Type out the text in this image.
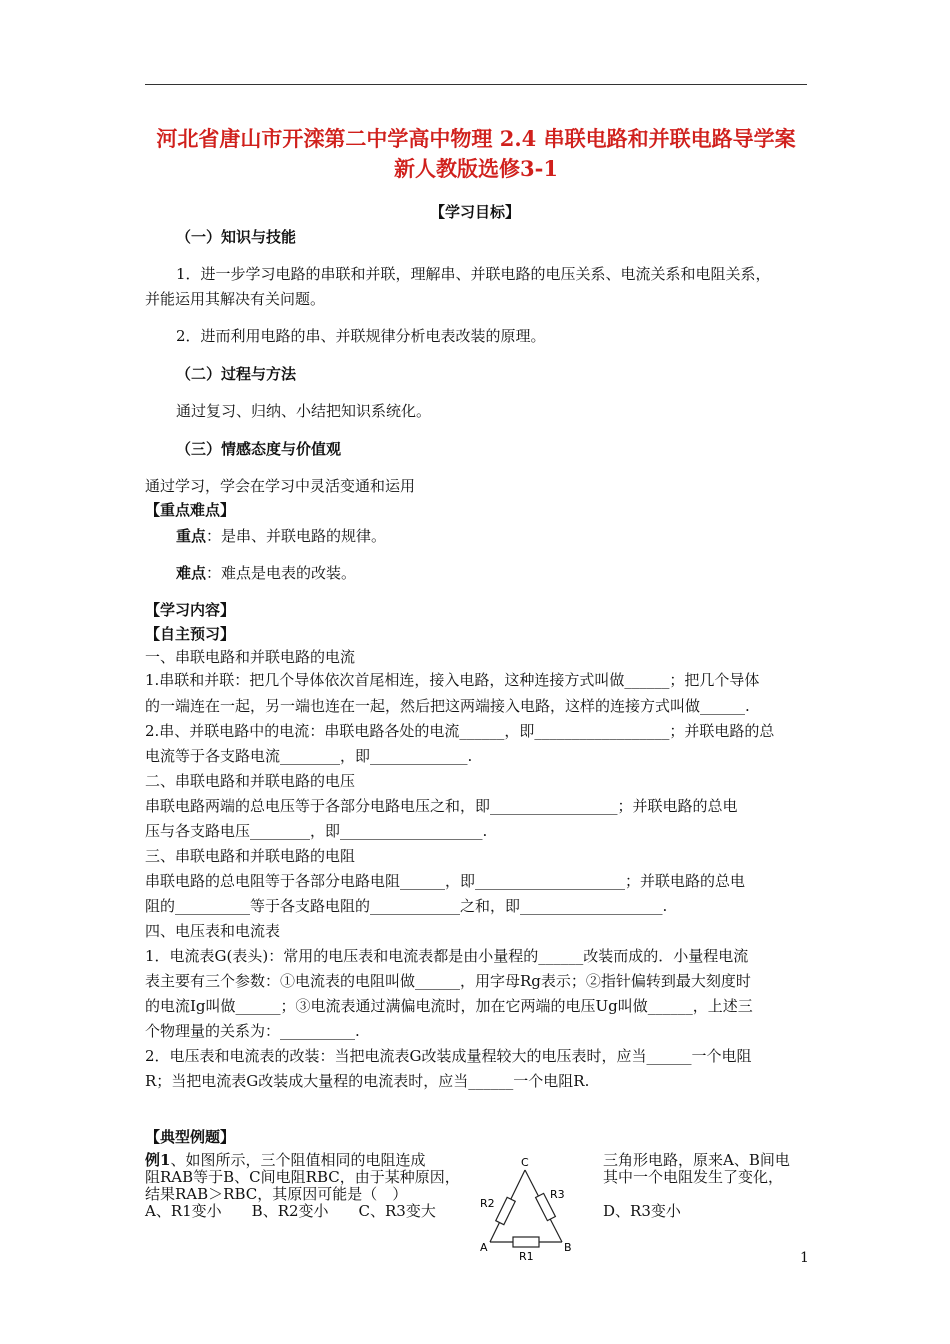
河北省唐山市开滦第二中学高中物理 2.4 串联电路和并联电路导学案 新人教版选修3-1
【学习目标】
（一）知识与技能
1．进一步学习电路的串联和并联，理解串、并联电路的电压关系、电流关系和电阻关系，
并能运用其解决有关问题。
2．进而利用电路的串、并联规律分析电表改装的原理。
（二）过程与方法
通过复习、归纳、小结把知识系统化。
（三）情感态度与价值观
通过学习，学会在学习中灵活变通和运用
【重点难点】
重点：是串、并联电路的规律。
难点：难点是电表的改装。
【学习内容】
【自主预习】
一、串联电路和并联电路的电流
1.串联和并联：把几个导体依次首尾相连，接入电路，这种连接方式叫做______；把几个导体
的一端连在一起，另一端也连在一起，然后把这两端接入电路，这样的连接方式叫做______.
2.串、并联电路中的电流：串联电路各处的电流______，即__________________；并联电路的总
电流等于各支路电流________，即_____________.
二、串联电路和并联电路的电压
串联电路两端的总电压等于各部分电路电压之和，即_________________；并联电路的总电
压与各支路电压________，即___________________.
三、串联电路和并联电路的电阻
串联电路的总电阻等于各部分电路电阻______，即____________________；并联电路的总电
阻的__________等于各支路电阻的____________之和，即___________________.
四、电压表和电流表
1．电流表G(表头)：常用的电压表和电流表都是由小量程的______改装而成的．小量程电流
表主要有三个参数：①电流表的电阻叫做______，用字母Rg表示；②指针偏转到最大刻度时
的电流Ig叫做______；③电流表通过满偏电流时，加在它两端的电压Ug叫做______，上述三
个物理量的关系为：__________.
2．电压表和电流表的改装：当把电流表G改装成量程较大的电压表时，应当______一个电阻
R；当把电流表G改装成大量程的电流表时，应当______一个电阻R.
【典型例题】
例1、如图所示，三个阻值相同的电阻连成
阻RAB等于B、C间电阻RBC，由于某种原因，
结果RAB＞RBC，其原因可能是（　）
A、R1变小　　B、R2变小　　C、R3变大
三角形电路，原来A、B间电
其中一个电阻发生了变化，
D、R3变小
C
A	B
R2
R3
R1	1
